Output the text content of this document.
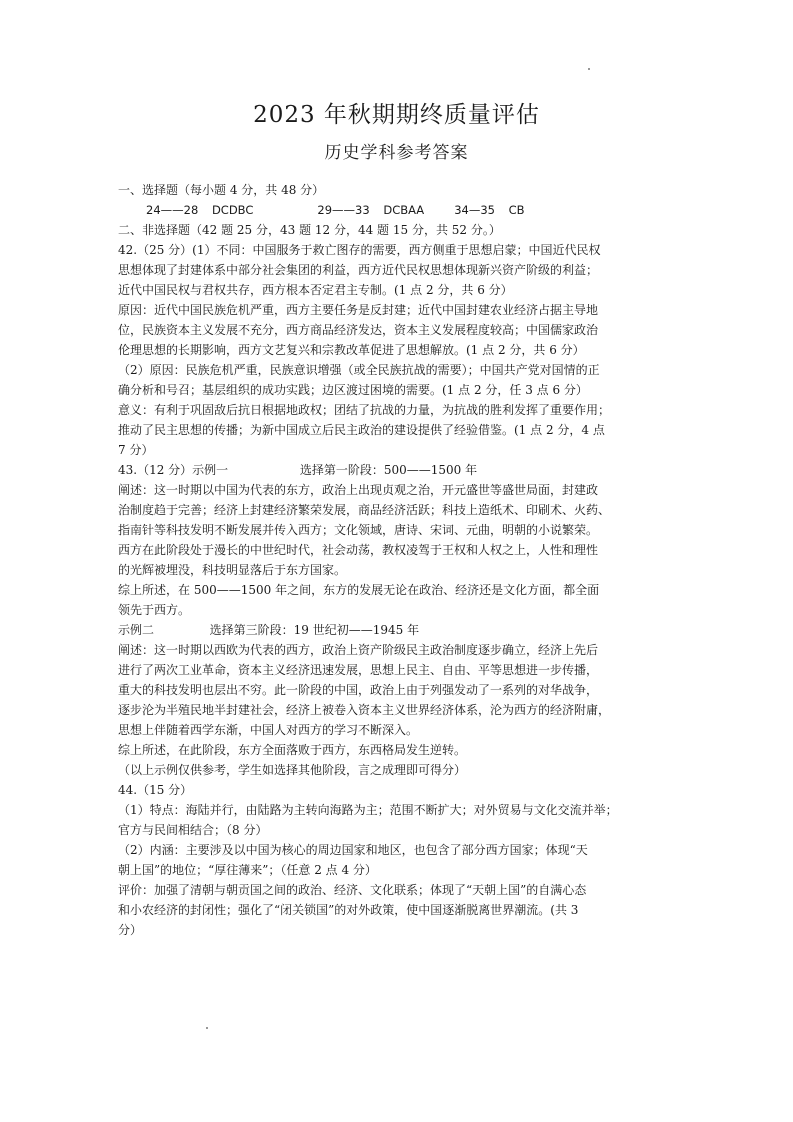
2023 年秋期期终质量评估
历史学科参考答案
一、选择题（每小题 4 分，共 48 分）
24——28 DCDBC	29——33 DCBAA	34—35 CB
二、非选择题（42 题 25 分，43 题 12 分，44 题 15 分，共 52 分。）
42.（25 分）(1）不同：中国服务于救亡图存的需要，西方侧重于思想启蒙；中国近代民权
思想体现了封建体系中部分社会集团的利益，西方近代民权思想体现新兴资产阶级的利益；
近代中国民权与君权共存，西方根本否定君主专制。(1 点 2 分，共 6 分）
原因：近代中国民族危机严重，西方主要任务是反封建；近代中国封建农业经济占据主导地
位，民族资本主义发展不充分，西方商品经济发达，资本主义发展程度较高；中国儒家政治
伦理思想的长期影响，西方文艺复兴和宗教改革促进了思想解放。(1 点 2 分，共 6 分）
（2）原因：民族危机严重，民族意识增强（或全民族抗战的需要）；中国共产党对国情的正
确分析和号召；基层组织的成功实践；边区渡过困境的需要。(1 点 2 分，任 3 点 6 分）
意义：有利于巩固敌后抗日根据地政权；团结了抗战的力量，为抗战的胜利发挥了重要作用；
推动了民主思想的传播；为新中国成立后民主政治的建设提供了经验借鉴。(1 点 2 分，4 点
7 分）
43.（12 分）示例一	选择第一阶段：500——1500 年
阐述：这一时期以中国为代表的东方，政治上出现贞观之治，开元盛世等盛世局面，封建政
治制度趋于完善；经济上封建经济繁荣发展，商品经济活跃；科技上造纸术、印刷术、火药、
指南针等科技发明不断发展并传入西方；文化领域，唐诗、宋词、元曲，明朝的小说繁荣。
西方在此阶段处于漫长的中世纪时代，社会动荡，教权凌驾于王权和人权之上，人性和理性
的光辉被埋没，科技明显落后于东方国家。
综上所述，在 500——1500 年之间，东方的发展无论在政治、经济还是文化方面，都全面
领先于西方。
示例二	选择第三阶段：19 世纪初——1945 年
阐述：这一时期以西欧为代表的西方，政治上资产阶级民主政治制度逐步确立，经济上先后
进行了两次工业革命，资本主义经济迅速发展，思想上民主、自由、平等思想进一步传播，
重大的科技发明也层出不穷。此一阶段的中国，政治上由于列强发动了一系列的对华战争，
逐步沦为半殖民地半封建社会，经济上被卷入资本主义世界经济体系，沦为西方的经济附庸，
思想上伴随着西学东渐，中国人对西方的学习不断深入。
综上所述，在此阶段，东方全面落败于西方，东西格局发生逆转。
（以上示例仅供参考，学生如选择其他阶段，言之成理即可得分）
44.（15 分）
（1）特点：海陆并行，由陆路为主转向海路为主；范围不断扩大；对外贸易与文化交流并举；
官方与民间相结合；（8 分）
（2）内涵：主要涉及以中国为核心的周边国家和地区，也包含了部分西方国家；体现“天
朝上国”的地位；“厚往薄来”；（任意 2 点 4 分）
评价：加强了清朝与朝贡国之间的政治、经济、文化联系；体现了“天朝上国”的自满心态
和小农经济的封闭性；强化了“闭关锁国”的对外政策，使中国逐渐脱离世界潮流。(共 3
分）
